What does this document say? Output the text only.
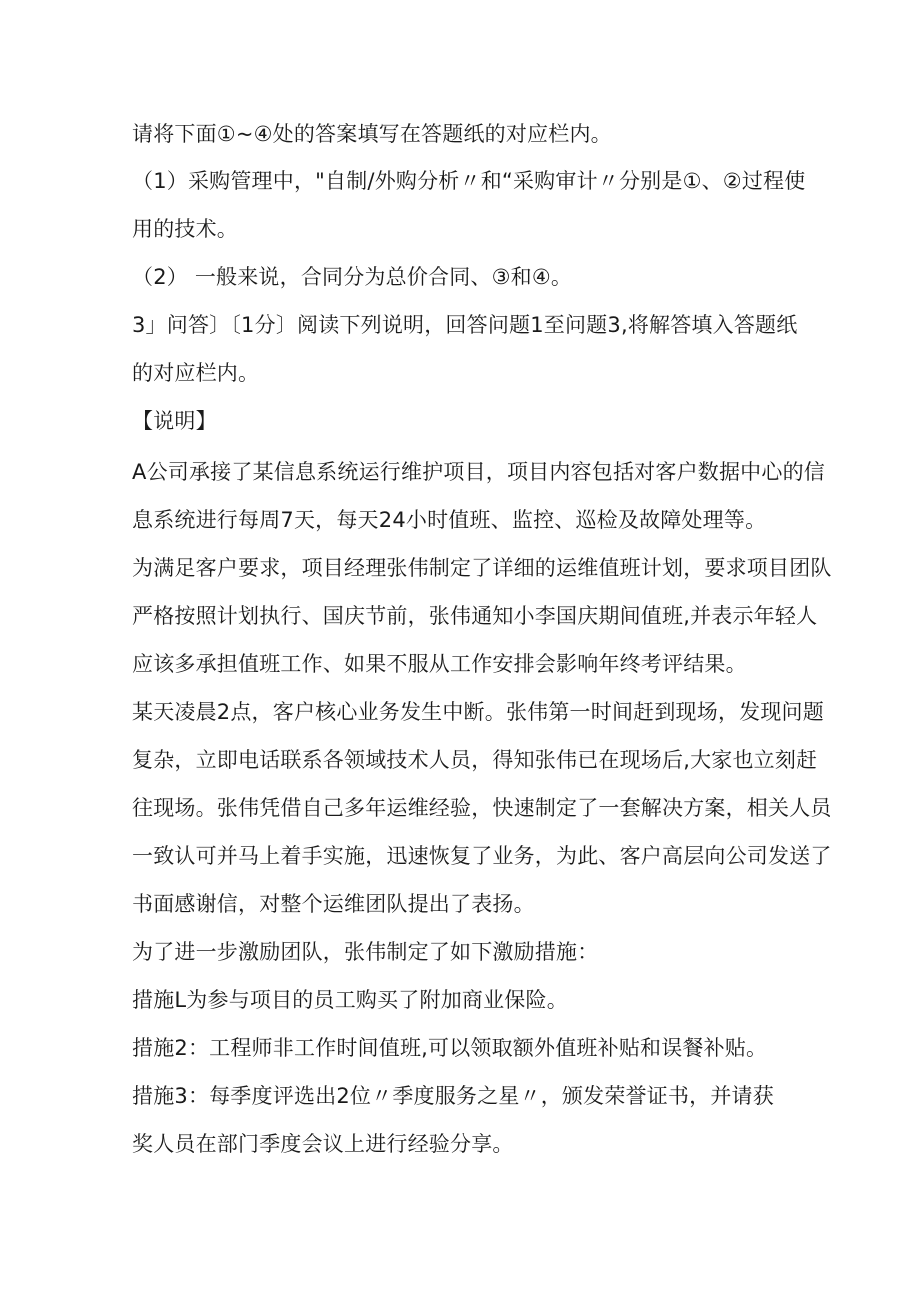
请将下面①~④处的答案填写在答题纸的对应栏内。

（1）采购管理中，"自制/外购分析〃和“采购审计〃分别是①、②过程使

用的技术。

（2） 一般来说，合同分为总价合同、③和④。

3」问答〕〔1分〕阅读下列说明，回答问题1至问题3,将解答填入答题纸

的对应栏内。

【说明】

A公司承接了某信息系统运行维护项目，项目内容包括对客户数据中心的信

息系统进行每周7天，每天24小时值班、监控、巡检及故障处理等。

为满足客户要求，项目经理张伟制定了详细的运维值班计划，要求项目团队

严格按照计划执行、国庆节前，张伟通知小李国庆期间值班,并表示年轻人

应该多承担值班工作、如果不服从工作安排会影响年终考评结果。

某天凌晨2点，客户核心业务发生中断。张伟第一时间赶到现场，发现问题

复杂，立即电话联系各领域技术人员，得知张伟已在现场后,大家也立刻赶

往现场。张伟凭借自己多年运维经验，快速制定了一套解决方案，相关人员

一致认可并马上着手实施，迅速恢复了业务，为此、客户高层向公司发送了

书面感谢信，对整个运维团队提出了表扬。

为了进一步激励团队，张伟制定了如下激励措施：

措施L为参与项目的员工购买了附加商业保险。

措施2：工程师非工作时间值班,可以领取额外值班补贴和误餐补贴。

措施3：每季度评选出2位〃季度服务之星〃，颁发荣誉证书，并请获

奖人员在部门季度会议上进行经验分享。
